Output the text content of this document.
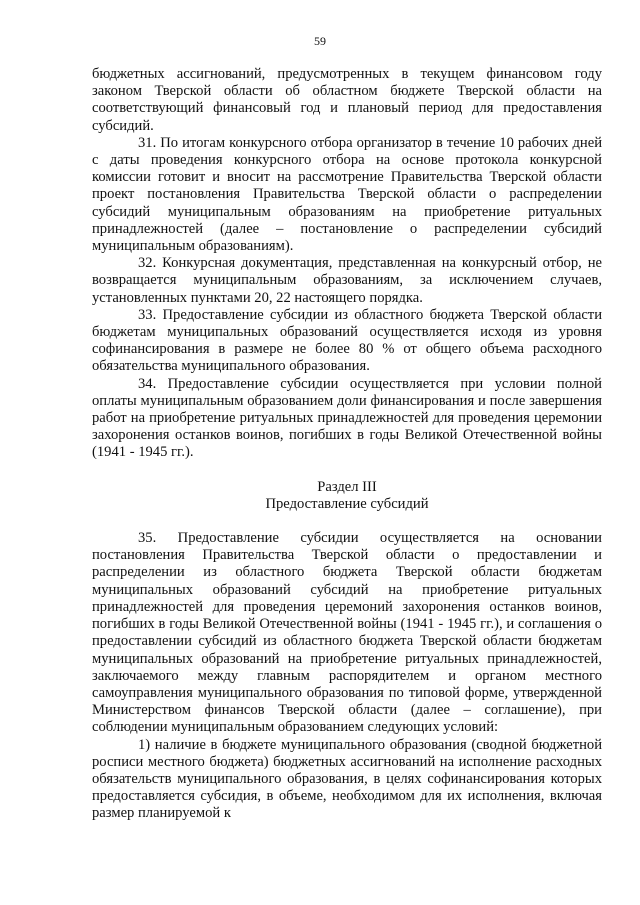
59

бюджетных ассигнований, предусмотренных в текущем финансовом году законом Тверской области об областном бюджете Тверской области на соответствующий финансовый год и плановый период для предоставления субсидий.

31. По итогам конкурсного отбора организатор в течение 10 рабочих дней с даты проведения конкурсного отбора на основе протокола конкурсной комиссии готовит и вносит на рассмотрение Правительства Тверской области проект постановления Правительства Тверской области о распределении субсидий муниципальным образованиям на приобретение ритуальных принадлежностей (далее – постановление о распределении субсидий муниципальным образованиям).

32. Конкурсная документация, представленная на конкурсный отбор, не возвращается муниципальным образованиям, за исключением случаев, установленных пунктами 20, 22 настоящего порядка.

33. Предоставление субсидии из областного бюджета Тверской области бюджетам муниципальных образований осуществляется исходя из уровня софинансирования в размере не более 80 % от общего объема расходного обязательства муниципального образования.

34. Предоставление субсидии осуществляется при условии полной оплаты муниципальным образованием доли финансирования и после завершения работ на приобретение ритуальных принадлежностей для проведения церемонии захоронения останков воинов, погибших в годы Великой Отечественной войны (1941 - 1945 гг.).

Раздел III
Предоставление субсидий

35. Предоставление субсидии осуществляется на основании постановления Правительства Тверской области о предоставлении и распределении из областного бюджета Тверской области бюджетам муниципальных образований субсидий на приобретение ритуальных принадлежностей для проведения церемоний захоронения останков воинов, погибших в годы Великой Отечественной войны (1941 - 1945 гг.), и соглашения о предоставлении субсидий из областного бюджета Тверской области бюджетам муниципальных образований на приобретение ритуальных принадлежностей, заключаемого между главным распорядителем и органом местного самоуправления муниципального образования по типовой форме, утвержденной Министерством финансов Тверской области (далее – соглашение), при соблюдении муниципальным образованием следующих условий:

1) наличие в бюджете муниципального образования (сводной бюджетной росписи местного бюджета) бюджетных ассигнований на исполнение расходных обязательств муниципального образования, в целях софинансирования которых предоставляется субсидия, в объеме, необходимом для их исполнения, включая размер планируемой к
